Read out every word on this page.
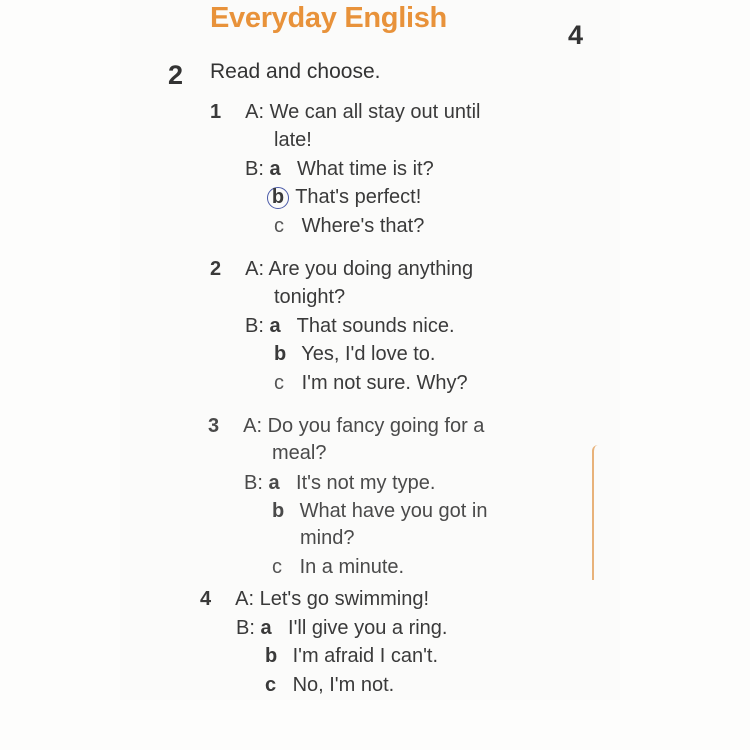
Everyday English
4
2 Read and choose.
1 A: We can all stay out until
late!
B: a What time is it?
b That's perfect!
c Where's that?
2 A: Are you doing anything
tonight?
B: a That sounds nice.
b Yes, I'd love to.
c I'm not sure. Why?
3 A: Do you fancy going for a
meal?
B: a It's not my type.
b What have you got in
mind?
c In a minute.
4 A: Let's go swimming!
B: a I'll give you a ring.
b I'm afraid I can't.
c No, I'm not.
